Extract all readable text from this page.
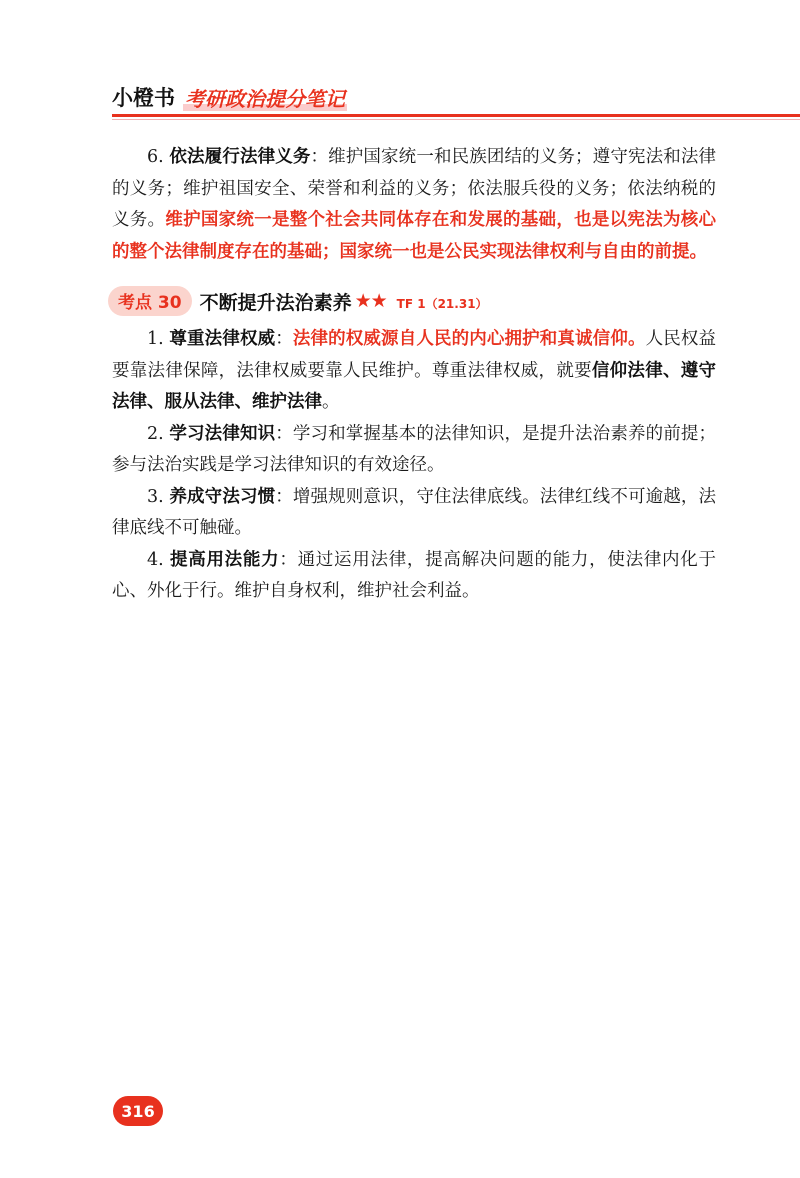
小橙书 考研政治提分笔记

6. 依法履行法律义务：维护国家统一和民族团结的义务；遵守宪法和法律的义务；维护祖国安全、荣誉和利益的义务；依法服兵役的义务；依法纳税的义务。维护国家统一是整个社会共同体存在和发展的基础，也是以宪法为核心的整个法律制度存在的基础；国家统一也是公民实现法律权利与自由的前提。

考点 30 不断提升法治素养 ★★ TF 1（21.31）

1. 尊重法律权威：法律的权威源自人民的内心拥护和真诚信仰。人民权益要靠法律保障，法律权威要靠人民维护。尊重法律权威，就要信仰法律、遵守法律、服从法律、维护法律。

2. 学习法律知识：学习和掌握基本的法律知识，是提升法治素养的前提；参与法治实践是学习法律知识的有效途径。

3. 养成守法习惯：增强规则意识，守住法律底线。法律红线不可逾越，法律底线不可触碰。

4. 提高用法能力：通过运用法律，提高解决问题的能力，使法律内化于心、外化于行。维护自身权利，维护社会利益。

316
